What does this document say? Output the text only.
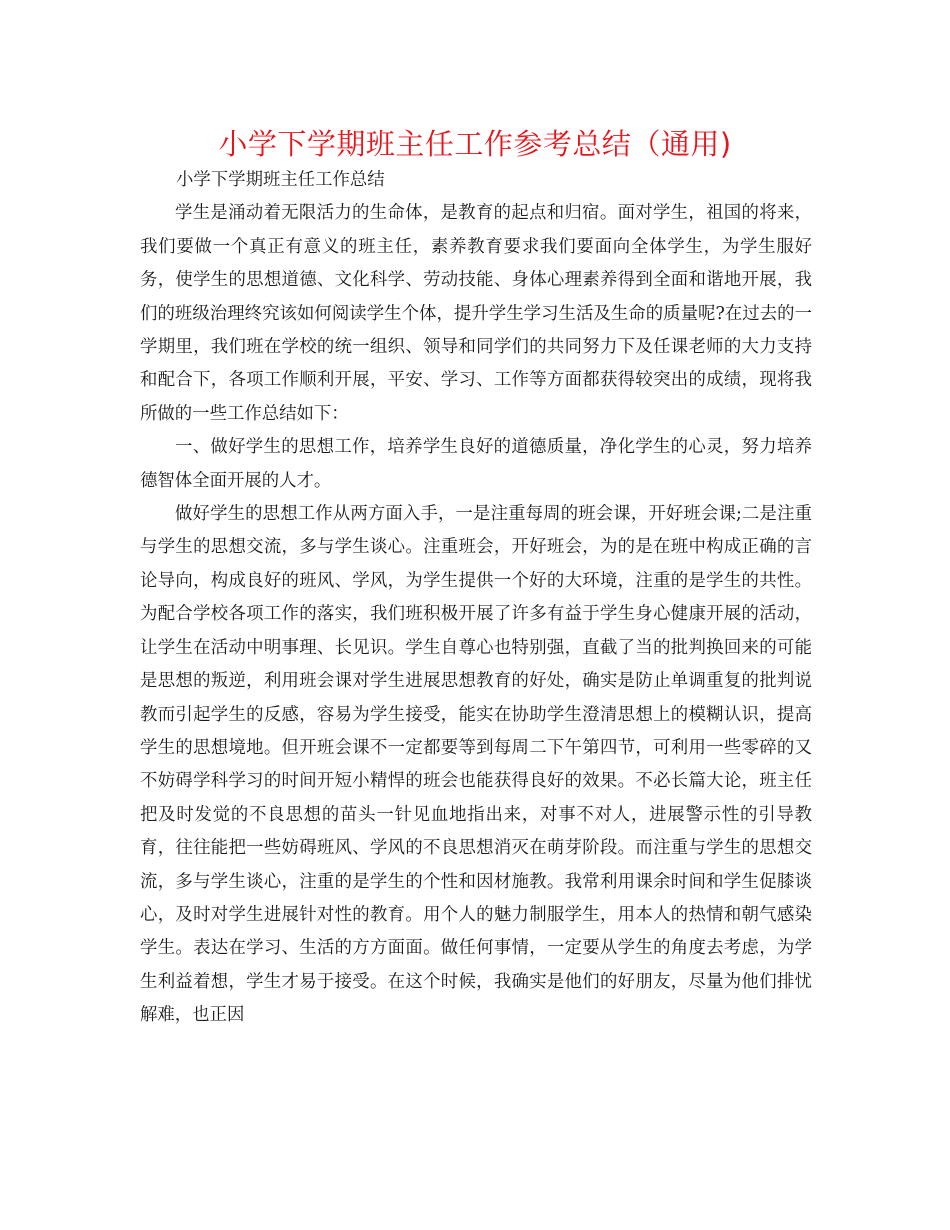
小学下学期班主任工作参考总结（通用)

小学下学期班主任工作总结

学生是涌动着无限活力的生命体，是教育的起点和归宿。面对学生，祖国的将来，我们要做一个真正有意义的班主任，素养教育要求我们要面向全体学生，为学生服好务，使学生的思想道德、文化科学、劳动技能、身体心理素养得到全面和谐地开展，我们的班级治理终究该如何阅读学生个体，提升学生学习生活及生命的质量呢?在过去的一学期里，我们班在学校的统一组织、领导和同学们的共同努力下及任课老师的大力支持和配合下，各项工作顺利开展，平安、学习、工作等方面都获得较突出的成绩，现将我所做的一些工作总结如下：

一、做好学生的思想工作，培养学生良好的道德质量，净化学生的心灵，努力培养德智体全面开展的人才。

做好学生的思想工作从两方面入手，一是注重每周的班会课，开好班会课;二是注重与学生的思想交流，多与学生谈心。注重班会，开好班会，为的是在班中构成正确的言论导向，构成良好的班风、学风，为学生提供一个好的大环境，注重的是学生的共性。为配合学校各项工作的落实，我们班积极开展了许多有益于学生身心健康开展的活动，让学生在活动中明事理、长见识。学生自尊心也特别强，直截了当的批判换回来的可能是思想的叛逆，利用班会课对学生进展思想教育的好处，确实是防止单调重复的批判说教而引起学生的反感，容易为学生接受，能实在协助学生澄清思想上的模糊认识，提高学生的思想境地。但开班会课不一定都要等到每周二下午第四节，可利用一些零碎的又不妨碍学科学习的时间开短小精悍的班会也能获得良好的效果。不必长篇大论，班主任把及时发觉的不良思想的苗头一针见血地指出来，对事不对人，进展警示性的引导教育，往往能把一些妨碍班风、学风的不良思想消灭在萌芽阶段。而注重与学生的思想交流，多与学生谈心，注重的是学生的个性和因材施教。我常利用课余时间和学生促膝谈心，及时对学生进展针对性的教育。用个人的魅力制服学生，用本人的热情和朝气感染学生。表达在学习、生活的方方面面。做任何事情，一定要从学生的角度去考虑，为学生利益着想，学生才易于接受。在这个时候，我确实是他们的好朋友，尽量为他们排忧解难，也正因
